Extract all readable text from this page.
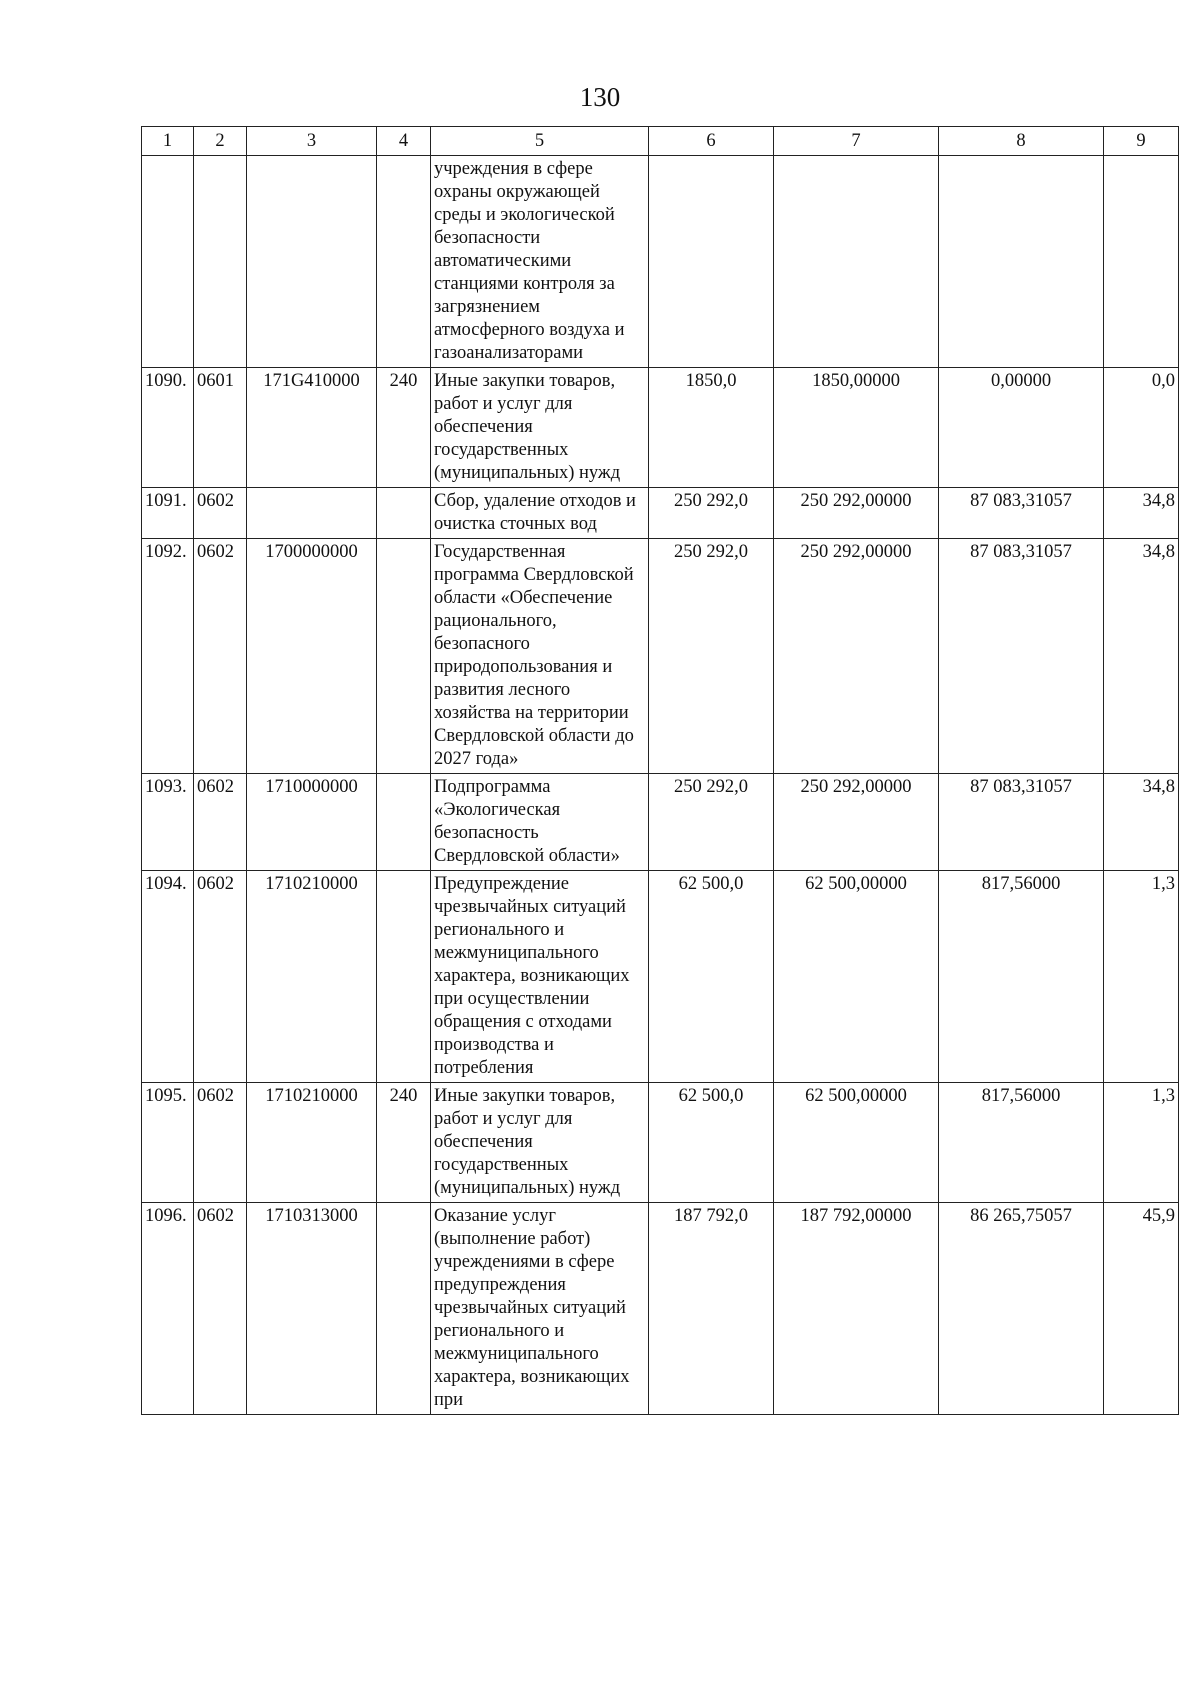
130
1	2	3	4	5	6	7	8	9
				учреждения в сфере охраны окружающей среды и экологической безопасности автоматическими станциями контроля за загрязнением атмосферного воздуха и газоанализаторами				
1090.	0601	171G410000	240	Иные закупки товаров, работ и услуг для обеспечения государственных (муниципальных) нужд	1850,0	1850,00000	0,00000	0,0
1091.	0602			Сбор, удаление отходов и очистка сточных вод	250 292,0	250 292,00000	87 083,31057	34,8
1092.	0602	1700000000		Государственная программа Свердловской области «Обеспечение рационального, безопасного природопользования и развития лесного хозяйства на территории Свердловской области до 2027 года»	250 292,0	250 292,00000	87 083,31057	34,8
1093.	0602	1710000000		Подпрограмма «Экологическая безопасность Свердловской области»	250 292,0	250 292,00000	87 083,31057	34,8
1094.	0602	1710210000		Предупреждение чрезвычайных ситуаций регионального и межмуниципального характера, возникающих при осуществлении обращения с отходами производства и потребления	62 500,0	62 500,00000	817,56000	1,3
1095.	0602	1710210000	240	Иные закупки товаров, работ и услуг для обеспечения государственных (муниципальных) нужд	62 500,0	62 500,00000	817,56000	1,3
1096.	0602	1710313000		Оказание услуг (выполнение работ) учреждениями в сфере предупреждения чрезвычайных ситуаций регионального и межмуниципального характера, возникающих при	187 792,0	187 792,00000	86 265,75057	45,9
